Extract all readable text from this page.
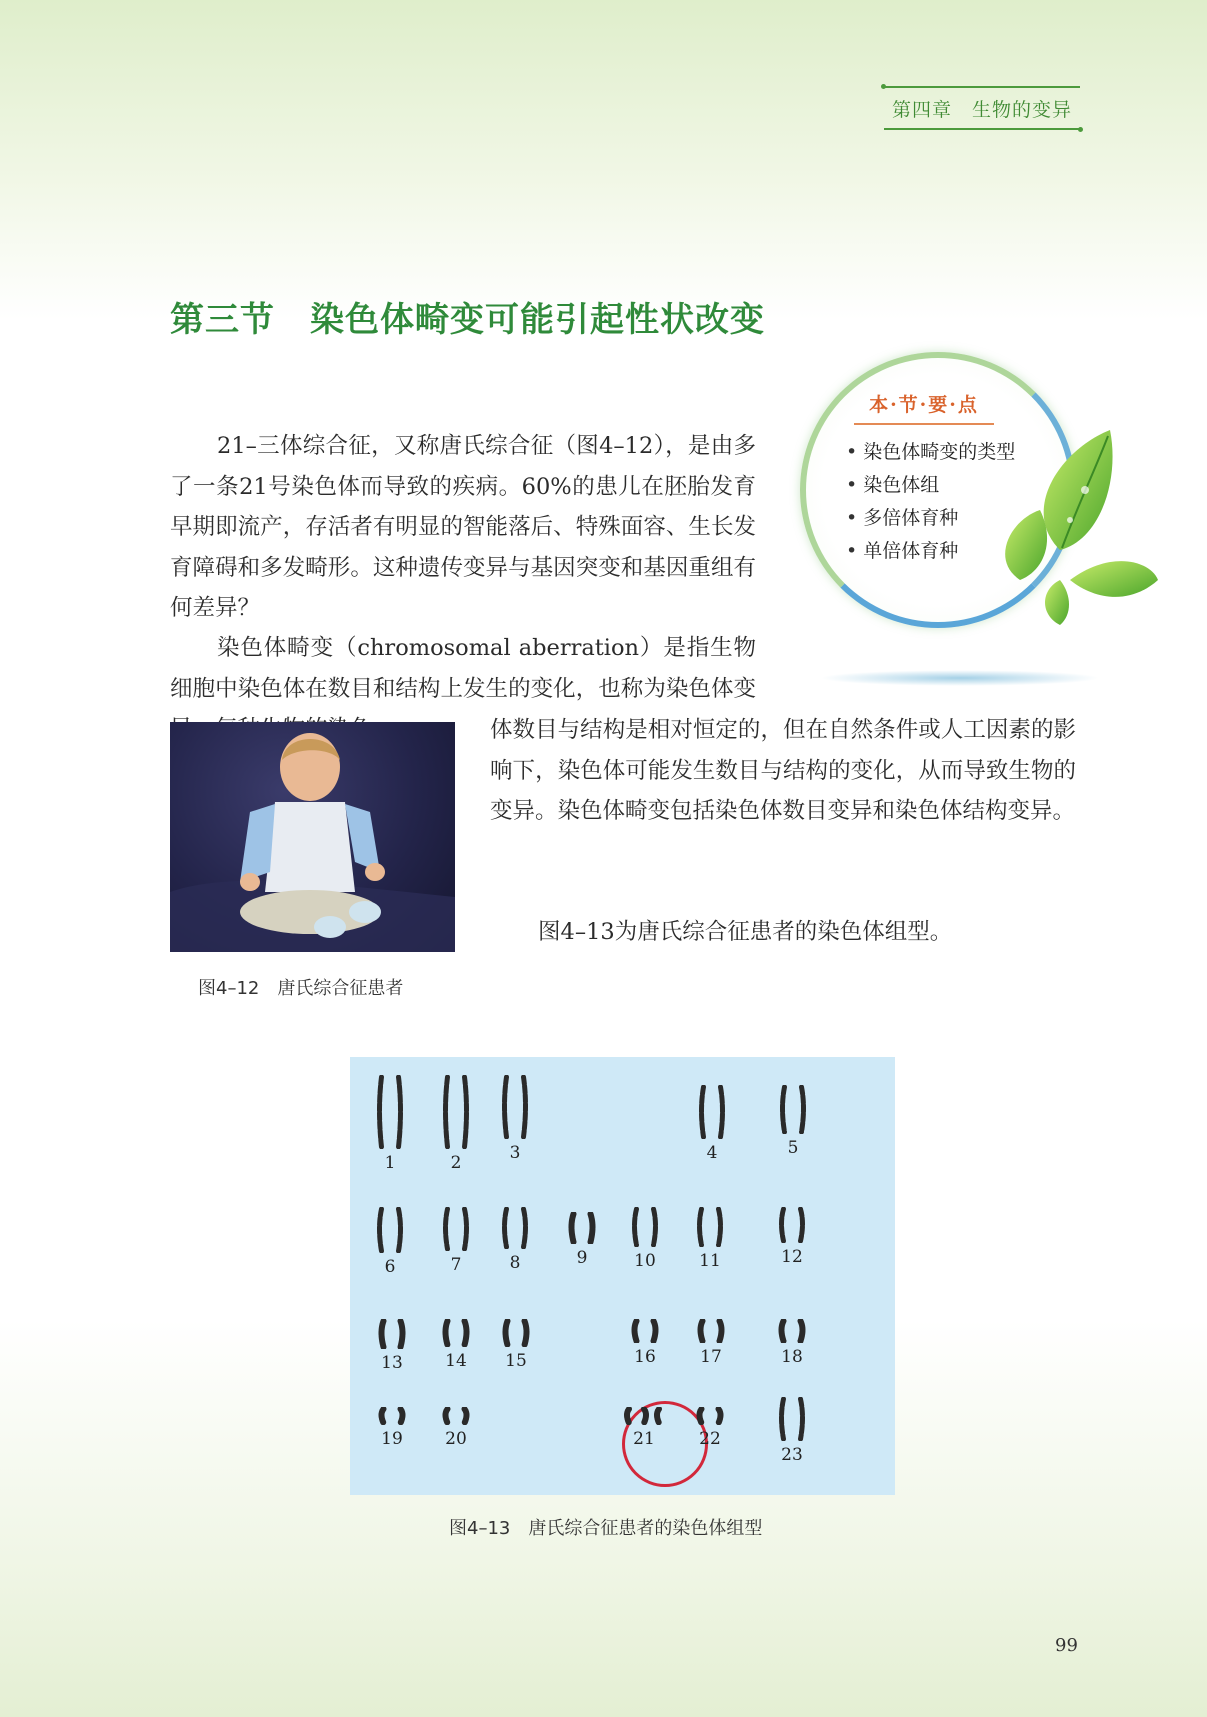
第四章　生物的变异
第三节　染色体畸变可能引起性状改变
本·节·要·点
• 染色体畸变的类型
• 染色体组
• 多倍体育种
• 单倍体育种

21–三体综合征，又称唐氏综合征（图4–12），是由多了一条21号染色体而导致的疾病。60%的患儿在胚胎发育早期即流产，存活者有明显的智能落后、特殊面容、生长发育障碍和多发畸形。这种遗传变异与基因突变和基因重组有何差异？

染色体畸变（chromosomal aberration）是指生物细胞中染色体在数目和结构上发生的变化，也称为染色体变

图4–12　唐氏综合征患者

体数目与结构是相对恒定的，但在自然条件或人工因素的影响下，染色体可能发生数目与结构的变化，从而导致生物的变异。染色体畸变包括染色体数目变异和染色体结构变异。

图4–13为唐氏综合征患者的染色体组型。

1	2	3	4	5
6	7	8	9	10	11	12
13	14	15	16	17	18
19	20	21	22
23
图4–13　唐氏综合征患者的染色体组型
99
